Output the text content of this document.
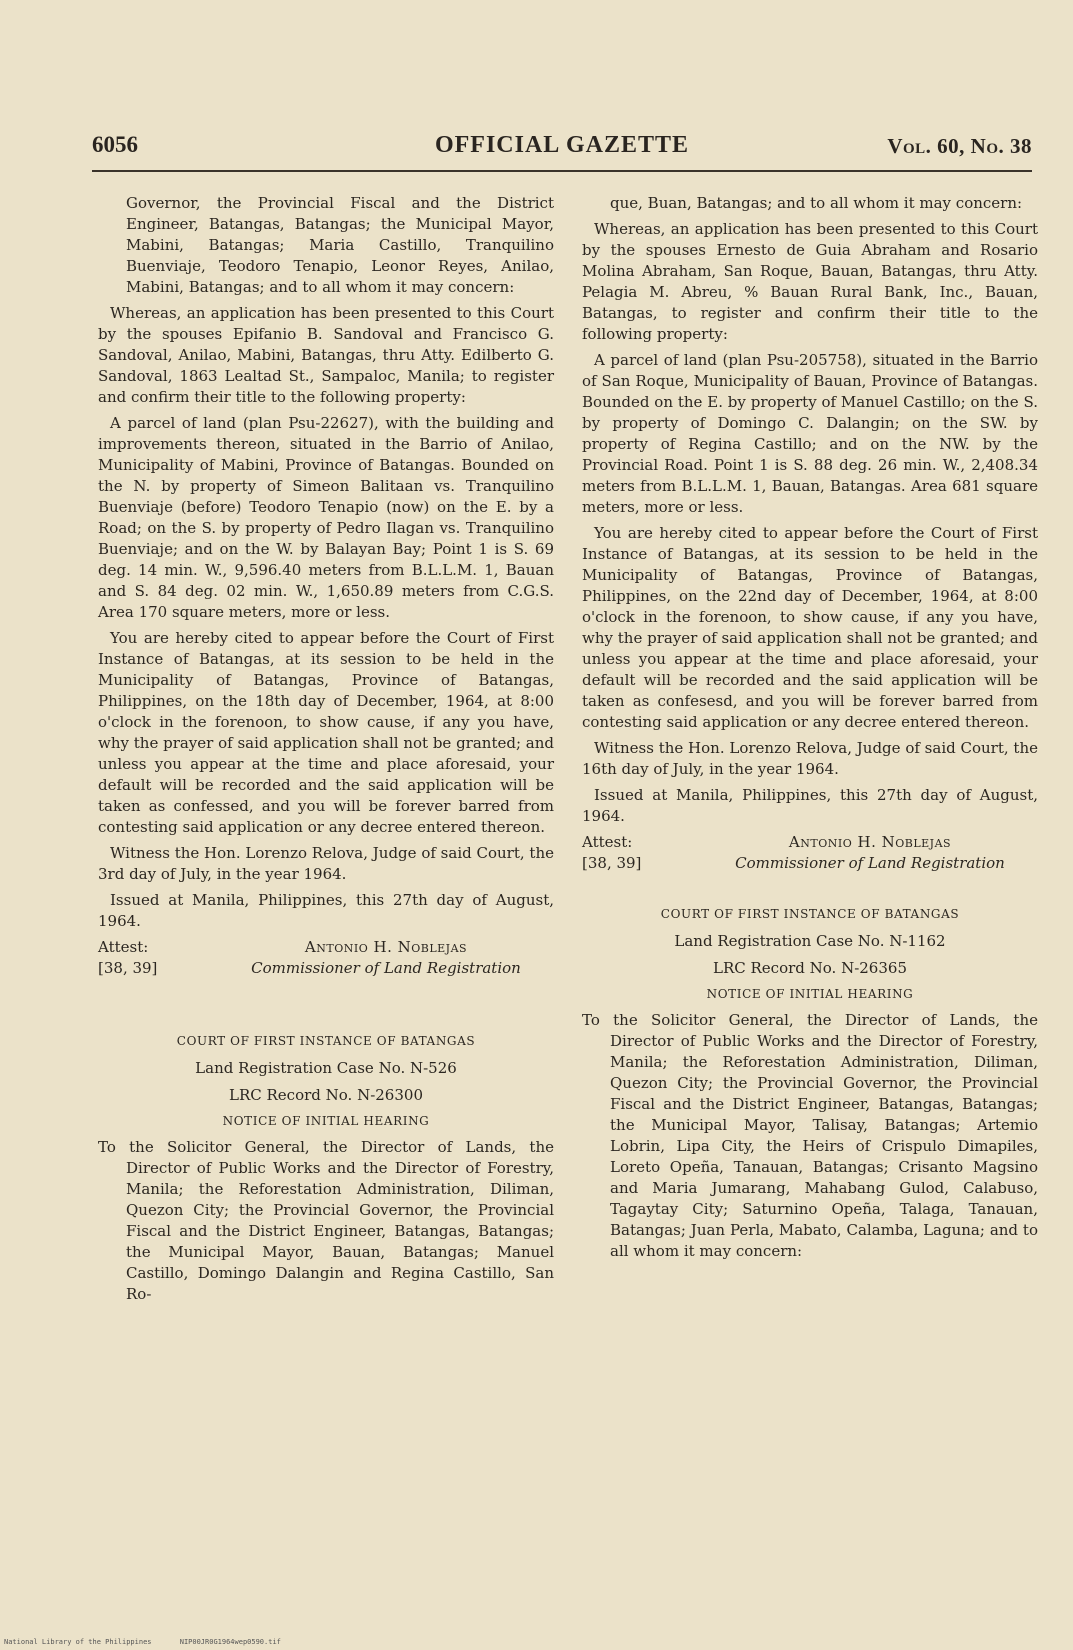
6056	OFFICIAL GAZETTE	Vol. 60, No. 38

Governor, the Provincial Fiscal and the District Engineer, Batangas, Batangas; the Municipal Mayor, Mabini, Batangas; Maria Castillo, Tranquilino Buenviaje, Teodoro Tenapio, Leonor Reyes, Anilao, Mabini, Batangas; and to all whom it may concern:

Whereas, an application has been presented to this Court by the spouses Epifanio B. Sandoval and Francisco G. Sandoval, Anilao, Mabini, Batangas, thru Atty. Edilberto G. Sandoval, 1863 Lealtad St., Sampaloc, Manila; to register and confirm their title to the following property:

A parcel of land (plan Psu-22627), with the building and improvements thereon, situated in the Barrio of Anilao, Municipality of Mabini, Province of Batangas. Bounded on the N. by property of Simeon Balitaan vs. Tranquilino Buenviaje (before) Teodoro Tenapio (now) on the E. by a Road; on the S. by property of Pedro Ilagan vs. Tranquilino Buenviaje; and on the W. by Balayan Bay; Point 1 is S. 69 deg. 14 min. W., 9,596.40 meters from B.L.L.M. 1, Bauan and S. 84 deg. 02 min. W., 1,650.89 meters from C.G.S. Area 170 square meters, more or less.

You are hereby cited to appear before the Court of First Instance of Batangas, at its session to be held in the Municipality of Batangas, Province of Batangas, Philippines, on the 18th day of December, 1964, at 8:00 o'clock in the forenoon, to show cause, if any you have, why the prayer of said application shall not be granted; and unless you appear at the time and place aforesaid, your default will be recorded and the said application will be taken as confessed, and you will be forever barred from contesting said application or any decree entered thereon.

Witness the Hon. Lorenzo Relova, Judge of said Court, the 3rd day of July, in the year 1964.

Issued at Manila, Philippines, this 27th day of August, 1964.

Attest:
[38, 39]
Antonio H. Noblejas
Commissioner of Land Registration

COURT OF FIRST INSTANCE OF BATANGAS

Land Registration Case No. N-526

LRC Record No. N-26300

NOTICE OF INITIAL HEARING

To the Solicitor General, the Director of Lands, the Director of Public Works and the Director of Forestry, Manila; the Reforestation Administration, Diliman, Quezon City; the Provincial Governor, the Provincial Fiscal and the District Engineer, Batangas, Batangas; the Municipal Mayor, Bauan, Batangas; Manuel Castillo, Domingo Dalangin and Regina Castillo, San Ro-

que, Buan, Batangas; and to all whom it may concern:

Whereas, an application has been presented to this Court by the spouses Ernesto de Guia Abraham and Rosario Molina Abraham, San Roque, Bauan, Batangas, thru Atty. Pelagia M. Abreu, % Bauan Rural Bank, Inc., Bauan, Batangas, to register and confirm their title to the following property:

A parcel of land (plan Psu-205758), situated in the Barrio of San Roque, Municipality of Bauan, Province of Batangas. Bounded on the E. by property of Manuel Castillo; on the S. by property of Domingo C. Dalangin; on the SW. by property of Regina Castillo; and on the NW. by the Provincial Road. Point 1 is S. 88 deg. 26 min. W., 2,408.34 meters from B.L.L.M. 1, Bauan, Batangas. Area 681 square meters, more or less.

You are hereby cited to appear before the Court of First Instance of Batangas, at its session to be held in the Municipality of Batangas, Province of Batangas, Philippines, on the 22nd day of December, 1964, at 8:00 o'clock in the forenoon, to show cause, if any you have, why the prayer of said application shall not be granted; and unless you appear at the time and place aforesaid, your default will be recorded and the said application will be taken as confesesd, and you will be forever barred from contesting said application or any decree entered thereon.

Witness the Hon. Lorenzo Relova, Judge of said Court, the 16th day of July, in the year 1964.

Issued at Manila, Philippines, this 27th day of August, 1964.

Attest:
[38, 39]
Antonio H. Noblejas
Commissioner of Land Registration

COURT OF FIRST INSTANCE OF BATANGAS

Land Registration Case No. N-1162

LRC Record No. N-26365

NOTICE OF INITIAL HEARING

To the Solicitor General, the Director of Lands, the Director of Public Works and the Director of Forestry, Manila; the Reforestation Administration, Diliman, Quezon City; the Provincial Governor, the Provincial Fiscal and the District Engineer, Batangas, Batangas; the Municipal Mayor, Talisay, Batangas; Artemio Lobrin, Lipa City, the Heirs of Crispulo Dimapiles, Loreto Opeña, Tanauan, Batangas; Crisanto Magsino and Maria Jumarang, Mahabang Gulod, Calabuso, Tagaytay City; Saturnino Opeña, Talaga, Tanauan, Batangas; Juan Perla, Mabato, Calamba, Laguna; and to all whom it may concern:

National Library of the Philippines	NIP00JR0G1964wep0590.tif
